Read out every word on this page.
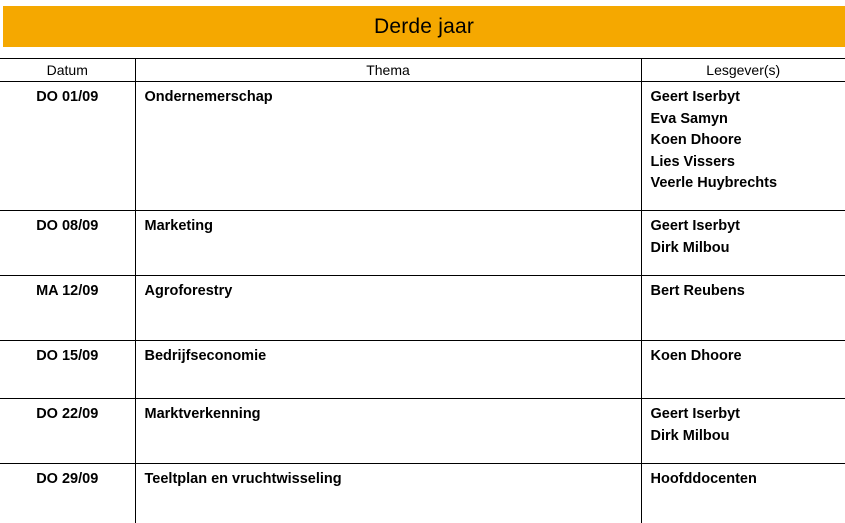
Derde jaar
Datum	Thema	Lesgever(s)
DO 01/09	Ondernemerschap	Geert Iserbyt
Eva Samyn
Koen Dhoore
Lies Vissers
Veerle Huybrechts

DO 08/09	Marketing	Geert Iserbyt
Dirk Milbou

MA 12/09	Agroforestry	Bert Reubens

DO 15/09	Bedrijfseconomie	Koen Dhoore

DO 22/09	Marktverkenning	Geert Iserbyt
Dirk Milbou

DO 29/09	Teeltplan en vruchtwisseling	Hoofddocenten
